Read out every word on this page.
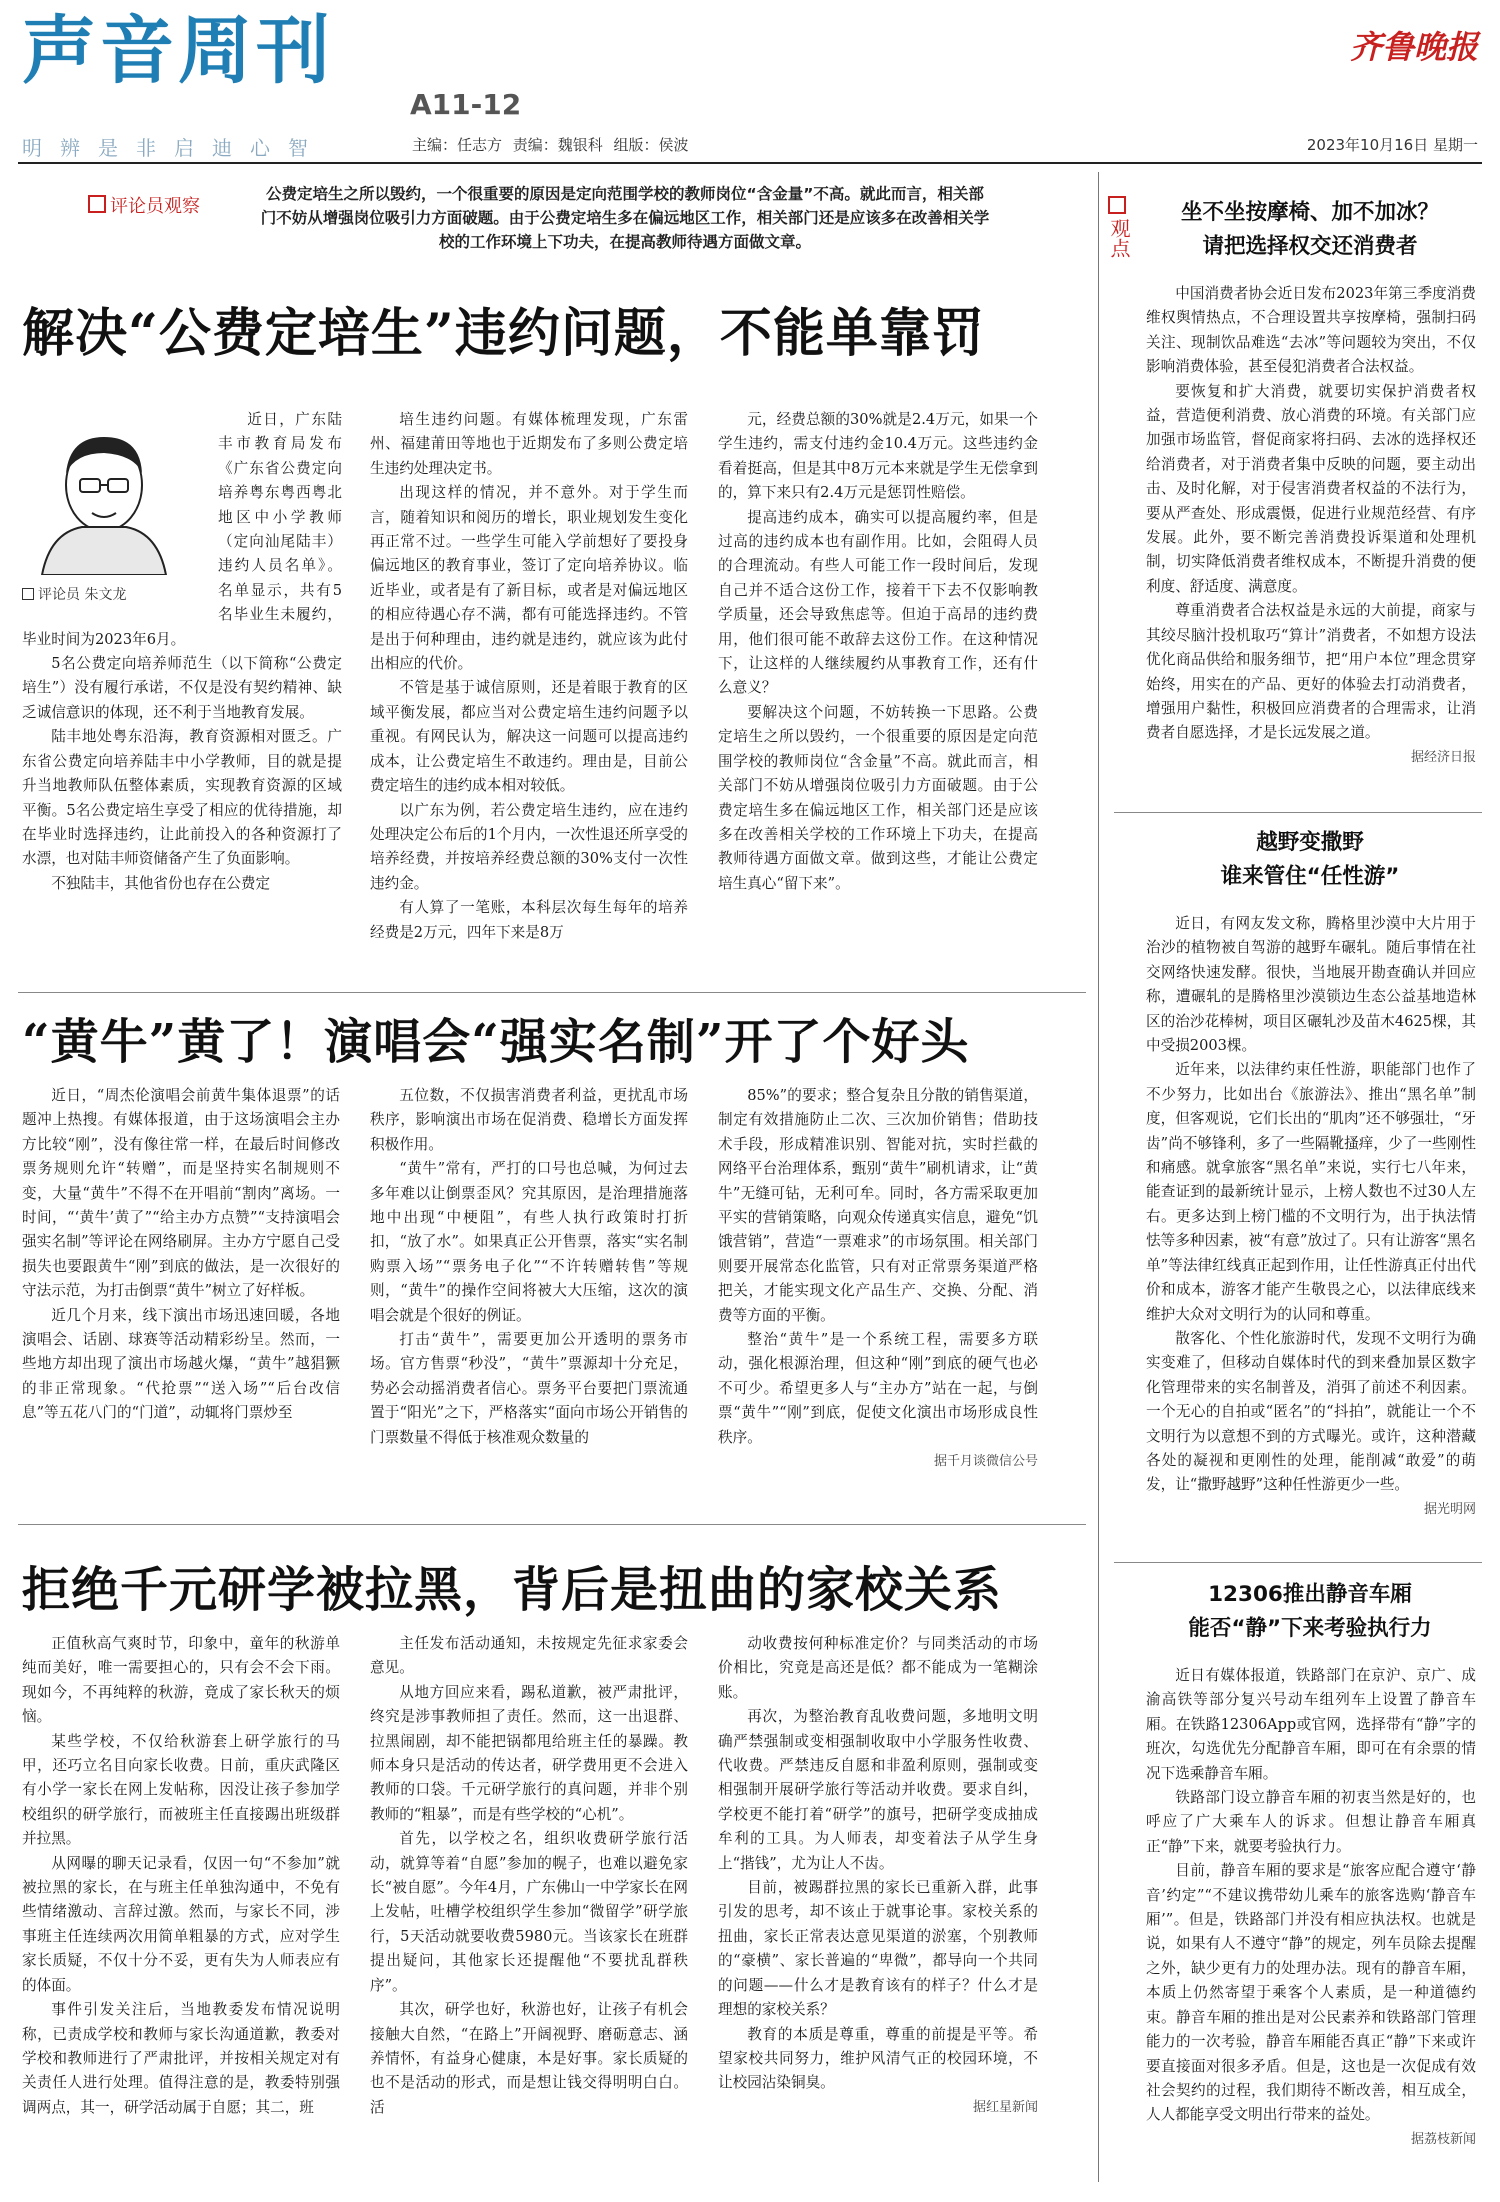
声音周刊
A11-12
明辨是非启迪心智	主编：任志方 责编：魏银科 组版：侯波
齐鲁晚报
2023年10月16日 星期一
评论员观察
公费定培生之所以毁约，一个很重要的原因是定向范围学校的教师岗位“含金量”不高。就此而言，相关部门不妨从增强岗位吸引力方面破题。由于公费定培生多在偏远地区工作，相关部门还是应该多在改善相关学校的工作环境上下功夫，在提高教师待遇方面做文章。
解决“公费定培生”违约问题，不能单靠罚
评论员 朱文龙

近日，广东陆丰市教育局发布《广东省公费定向培养粤东粤西粤北地区中小学教师（定向汕尾陆丰）违约人员名单》。名单显示，共有5名毕业生未履约，毕业时间为2023年6月。

5名公费定向培养师范生（以下简称“公费定培生”）没有履行承诺，不仅是没有契约精神、缺乏诚信意识的体现，还不利于当地教育发展。

陆丰地处粤东沿海，教育资源相对匮乏。广东省公费定向培养陆丰中小学教师，目的就是提升当地教师队伍整体素质，实现教育资源的区域平衡。5名公费定培生享受了相应的优待措施，却在毕业时选择违约，让此前投入的各种资源打了水漂，也对陆丰师资储备产生了负面影响。

不独陆丰，其他省份也存在公费定

培生违约问题。有媒体梳理发现，广东雷州、福建莆田等地也于近期发布了多则公费定培生违约处理决定书。

出现这样的情况，并不意外。对于学生而言，随着知识和阅历的增长，职业规划发生变化再正常不过。一些学生可能入学前想好了要投身偏远地区的教育事业，签订了定向培养协议。临近毕业，或者是有了新目标，或者是对偏远地区的相应待遇心存不满，都有可能选择违约。不管是出于何种理由，违约就是违约，就应该为此付出相应的代价。

不管是基于诚信原则，还是着眼于教育的区域平衡发展，都应当对公费定培生违约问题予以重视。有网民认为，解决这一问题可以提高违约成本，让公费定培生不敢违约。理由是，目前公费定培生的违约成本相对较低。

以广东为例，若公费定培生违约，应在违约处理决定公布后的1个月内，一次性退还所享受的培养经费，并按培养经费总额的30%支付一次性违约金。

有人算了一笔账，本科层次每生每年的培养经费是2万元，四年下来是8万

元，经费总额的30%就是2.4万元，如果一个学生违约，需支付违约金10.4万元。这些违约金看着挺高，但是其中8万元本来就是学生无偿拿到的，算下来只有2.4万元是惩罚性赔偿。

提高违约成本，确实可以提高履约率，但是过高的违约成本也有副作用。比如，会阻碍人员的合理流动。有些人可能工作一段时间后，发现自己并不适合这份工作，接着干下去不仅影响教学质量，还会导致焦虑等。但迫于高昂的违约费用，他们很可能不敢辞去这份工作。在这种情况下，让这样的人继续履约从事教育工作，还有什么意义？

要解决这个问题，不妨转换一下思路。公费定培生之所以毁约，一个很重要的原因是定向范围学校的教师岗位“含金量”不高。就此而言，相关部门不妨从增强岗位吸引力方面破题。由于公费定培生多在偏远地区工作，相关部门还是应该多在改善相关学校的工作环境上下功夫，在提高教师待遇方面做文章。做到这些，才能让公费定培生真心“留下来”。

“黄牛”黄了！演唱会“强实名制”开了个好头

近日，“周杰伦演唱会前黄牛集体退票”的话题冲上热搜。有媒体报道，由于这场演唱会主办方比较“刚”，没有像往常一样，在最后时间修改票务规则允许“转赠”，而是坚持实名制规则不变，大量“黄牛”不得不在开唱前“割肉”离场。一时间，“‘黄牛’黄了”“给主办方点赞”“支持演唱会强实名制”等评论在网络刷屏。主办方宁愿自己受损失也要跟黄牛“刚”到底的做法，是一次很好的守法示范，为打击倒票“黄牛”树立了好样板。

近几个月来，线下演出市场迅速回暖，各地演唱会、话剧、球赛等活动精彩纷呈。然而，一些地方却出现了演出市场越火爆，“黄牛”越猖獗的非正常现象。“代抢票”“送入场”“后台改信息”等五花八门的“门道”，动辄将门票炒至

五位数，不仅损害消费者利益，更扰乱市场秩序，影响演出市场在促消费、稳增长方面发挥积极作用。

“黄牛”常有，严打的口号也总喊，为何过去多年难以让倒票歪风？究其原因，是治理措施落地中出现“中梗阻”，有些人执行政策时打折扣，“放了水”。如果真正公开售票，落实“实名制购票入场”“票务电子化”“不许转赠转售”等规则，“黄牛”的操作空间将被大大压缩，这次的演唱会就是个很好的例证。

打击“黄牛”，需要更加公开透明的票务市场。官方售票“秒没”，“黄牛”票源却十分充足，势必会动摇消费者信心。票务平台要把门票流通置于“阳光”之下，严格落实“面向市场公开销售的门票数量不得低于核准观众数量的

85%”的要求；整合复杂且分散的销售渠道，制定有效措施防止二次、三次加价销售；借助技术手段，形成精准识别、智能对抗，实时拦截的网络平台治理体系，甄别“黄牛”刷机请求，让“黄牛”无缝可钻，无利可牟。同时，各方需采取更加平实的营销策略，向观众传递真实信息，避免“饥饿营销”，营造“一票难求”的市场氛围。相关部门则要开展常态化监管，只有对正常票务渠道严格把关，才能实现文化产品生产、交换、分配、消费等方面的平衡。

整治“黄牛”是一个系统工程，需要多方联动，强化根源治理，但这种“刚”到底的硬气也必不可少。希望更多人与“主办方”站在一起，与倒票“黄牛”“刚”到底，促使文化演出市场形成良性秩序。

据千月谈微信公号
拒绝千元研学被拉黑，背后是扭曲的家校关系

正值秋高气爽时节，印象中，童年的秋游单纯而美好，唯一需要担心的，只有会不会下雨。现如今，不再纯粹的秋游，竟成了家长秋天的烦恼。

某些学校，不仅给秋游套上研学旅行的马甲，还巧立名目向家长收费。日前，重庆武隆区有小学一家长在网上发帖称，因没让孩子参加学校组织的研学旅行，而被班主任直接踢出班级群并拉黑。

从网曝的聊天记录看，仅因一句“不参加”就被拉黑的家长，在与班主任单独沟通中，不免有些情绪激动、言辞过激。然而，与家长不同，涉事班主任连续两次用简单粗暴的方式，应对学生家长质疑，不仅十分不妥，更有失为人师表应有的体面。

事件引发关注后，当地教委发布情况说明称，已责成学校和教师与家长沟通道歉，教委对学校和教师进行了严肃批评，并按相关规定对有关责任人进行处理。值得注意的是，教委特别强调两点，其一，研学活动属于自愿；其二，班

主任发布活动通知，未按规定先征求家委会意见。

从地方回应来看，踢私道歉，被严肃批评，终究是涉事教师担了责任。然而，这一出退群、拉黑闹剧，却不能把锅都甩给班主任的暴躁。教师本身只是活动的传达者，研学费用更不会进入教师的口袋。千元研学旅行的真问题，并非个别教师的“粗暴”，而是有些学校的“心机”。

首先，以学校之名，组织收费研学旅行活动，就算等着“自愿”参加的幌子，也难以避免家长“被自愿”。今年4月，广东佛山一中学家长在网上发帖，吐槽学校组织学生参加“微留学”研学旅行，5天活动就要收费5980元。当该家长在班群提出疑问，其他家长还提醒他“不要扰乱群秩序”。

其次，研学也好，秋游也好，让孩子有机会接触大自然，“在路上”开阔视野、磨砺意志、涵养情怀，有益身心健康，本是好事。家长质疑的也不是活动的形式，而是想让钱交得明明白白。活

动收费按何种标准定价？与同类活动的市场价相比，究竟是高还是低？都不能成为一笔糊涂账。

再次，为整治教育乱收费问题，多地明文明确严禁强制或变相强制收取中小学服务性收费、代收费。严禁违反自愿和非盈利原则，强制或变相强制开展研学旅行等活动并收费。要求自纠，学校更不能打着“研学”的旗号，把研学变成抽成牟利的工具。为人师表，却变着法子从学生身上“揩钱”，尤为让人不齿。

目前，被踢群拉黑的家长已重新入群，此事引发的思考，却不该止于就事论事。家校关系的扭曲，家长正常表达意见渠道的淤塞，个别教师的“豪横”、家长普遍的“卑微”，都导向一个共同的问题——什么才是教育该有的样子？什么才是理想的家校关系？

教育的本质是尊重，尊重的前提是平等。希望家校共同努力，维护风清气正的校园环境，不让校园沾染铜臭。

据红星新闻
观点
坐不坐按摩椅、加不加冰？
请把选择权交还消费者

中国消费者协会近日发布2023年第三季度消费维权舆情热点，不合理设置共享按摩椅，强制扫码关注、现制饮品难选“去冰”等问题较为突出，不仅影响消费体验，甚至侵犯消费者合法权益。

要恢复和扩大消费，就要切实保护消费者权益，营造便利消费、放心消费的环境。有关部门应加强市场监管，督促商家将扫码、去冰的选择权还给消费者，对于消费者集中反映的问题，要主动出击、及时化解，对于侵害消费者权益的不法行为，要从严查处、形成震慑，促进行业规范经营、有序发展。此外，要不断完善消费投诉渠道和处理机制，切实降低消费者维权成本，不断提升消费的便利度、舒适度、满意度。

尊重消费者合法权益是永远的大前提，商家与其绞尽脑汁投机取巧“算计”消费者，不如想方设法优化商品供给和服务细节，把“用户本位”理念贯穿始终，用实在的产品、更好的体验去打动消费者，增强用户黏性，积极回应消费者的合理需求，让消费者自愿选择，才是长远发展之道。

据经济日报
越野变撒野
谁来管住“任性游”

近日，有网友发文称，腾格里沙漠中大片用于治沙的植物被自驾游的越野车碾轧。随后事情在社交网络快速发酵。很快，当地展开勘查确认并回应称，遭碾轧的是腾格里沙漠锁边生态公益基地造林区的治沙花棒树，项目区碾轧沙及苗木4625棵，其中受损2003棵。

近年来，以法律约束任性游，职能部门也作了不少努力，比如出台《旅游法》、推出“黑名单”制度，但客观说，它们长出的“肌肉”还不够强壮，“牙齿”尚不够锋利，多了一些隔靴搔痒，少了一些刚性和痛感。就拿旅客“黑名单”来说，实行七八年来，能查证到的最新统计显示，上榜人数也不过30人左右。更多达到上榜门槛的不文明行为，出于执法情怯等多种因素，被“有意”放过了。只有让游客“黑名单”等法律红线真正起到作用，让任性游真正付出代价和成本，游客才能产生敬畏之心，以法律底线来维护大众对文明行为的认同和尊重。

散客化、个性化旅游时代，发现不文明行为确实变难了，但移动自媒体时代的到来叠加景区数字化管理带来的实名制普及，消弭了前述不利因素。一个无心的自拍或“匿名”的“抖拍”，就能让一个不文明行为以意想不到的方式曝光。或许，这种潜藏各处的凝视和更刚性的处理，能削减“敢爱”的萌发，让“撒野越野”这种任性游更少一些。

据光明网
12306推出静音车厢
能否“静”下来考验执行力

近日有媒体报道，铁路部门在京沪、京广、成渝高铁等部分复兴号动车组列车上设置了静音车厢。在铁路12306App或官网，选择带有“静”字的班次，勾选优先分配静音车厢，即可在有余票的情况下选乘静音车厢。

铁路部门设立静音车厢的初衷当然是好的，也呼应了广大乘车人的诉求。但想让静音车厢真正“静”下来，就要考验执行力。

目前，静音车厢的要求是“旅客应配合遵守‘静音’约定”“不建议携带幼儿乘车的旅客选购‘静音车厢’”。但是，铁路部门并没有相应执法权。也就是说，如果有人不遵守“静”的规定，列车员除去提醒之外，缺少更有力的处理办法。现有的静音车厢，本质上仍然寄望于乘客个人素质，是一种道德约束。静音车厢的推出是对公民素养和铁路部门管理能力的一次考验，静音车厢能否真正“静”下来或许要直接面对很多矛盾。但是，这也是一次促成有效社会契约的过程，我们期待不断改善，相互成全，人人都能享受文明出行带来的益处。

据荔枝新闻
